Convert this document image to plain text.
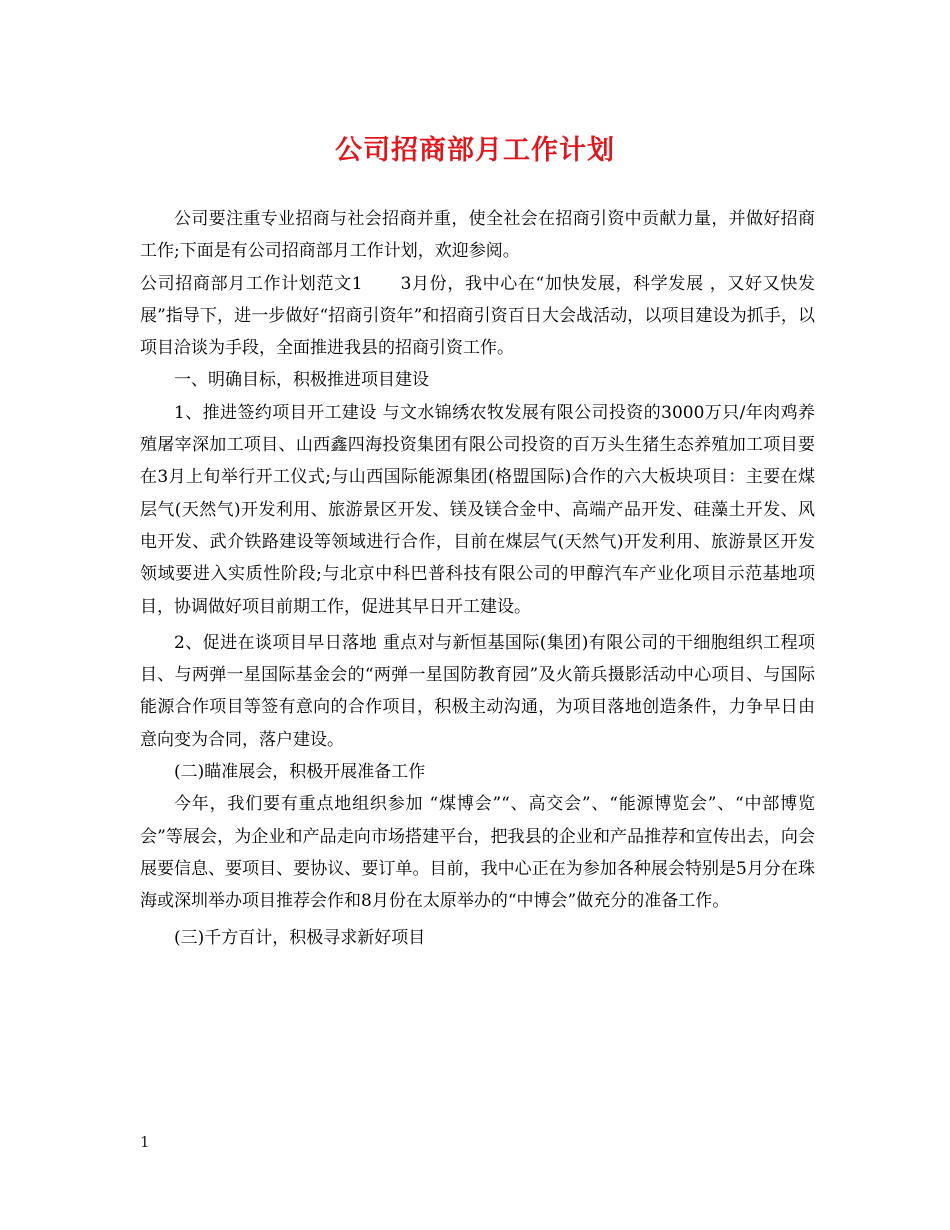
公司招商部月工作计划

公司要注重专业招商与社会招商并重，使全社会在招商引资中贡献力量，并做好招商工作;下面是有公司招商部月工作计划，欢迎参阅。

公司招商部月工作计划范文1 3月份，我中心在“加快发展，科学发展 ，又好又快发展”指导下，进一步做好“招商引资年”和招商引资百日大会战活动，以项目建设为抓手，以项目洽谈为手段，全面推进我县的招商引资工作。

一、明确目标，积极推进项目建设

1、推进签约项目开工建设 与文水锦绣农牧发展有限公司投资的3000万只/年肉鸡养殖屠宰深加工项目、山西鑫四海投资集团有限公司投资的百万头生猪生态养殖加工项目要在3月上旬举行开工仪式;与山西国际能源集团(格盟国际)合作的六大板块项目：主要在煤层气(天然气)开发利用、旅游景区开发、镁及镁合金中、高端产品开发、硅藻土开发、风电开发、武介铁路建设等领域进行合作，目前在煤层气(天然气)开发利用、旅游景区开发领域要进入实质性阶段;与北京中科巴普科技有限公司的甲醇汽车产业化项目示范基地项目，协调做好项目前期工作，促进其早日开工建设。

2、促进在谈项目早日落地 重点对与新恒基国际(集团)有限公司的干细胞组织工程项目、与两弹一星国际基金会的“两弹一星国防教育园”及火箭兵摄影活动中心项目、与国际能源合作项目等签有意向的合作项目，积极主动沟通，为项目落地创造条件，力争早日由意向变为合同，落户建设。

(二)瞄准展会，积极开展准备工作

今年，我们要有重点地组织参加 “煤博会”“、高交会”、“能源博览会”、“中部博览会”等展会，为企业和产品走向市场搭建平台，把我县的企业和产品推荐和宣传出去，向会展要信息、要项目、要协议、要订单。目前，我中心正在为参加各种展会特别是5月分在珠海或深圳举办项目推荐会作和8月份在太原举办的“中博会”做充分的准备工作。

(三)千方百计，积极寻求新好项目

1
